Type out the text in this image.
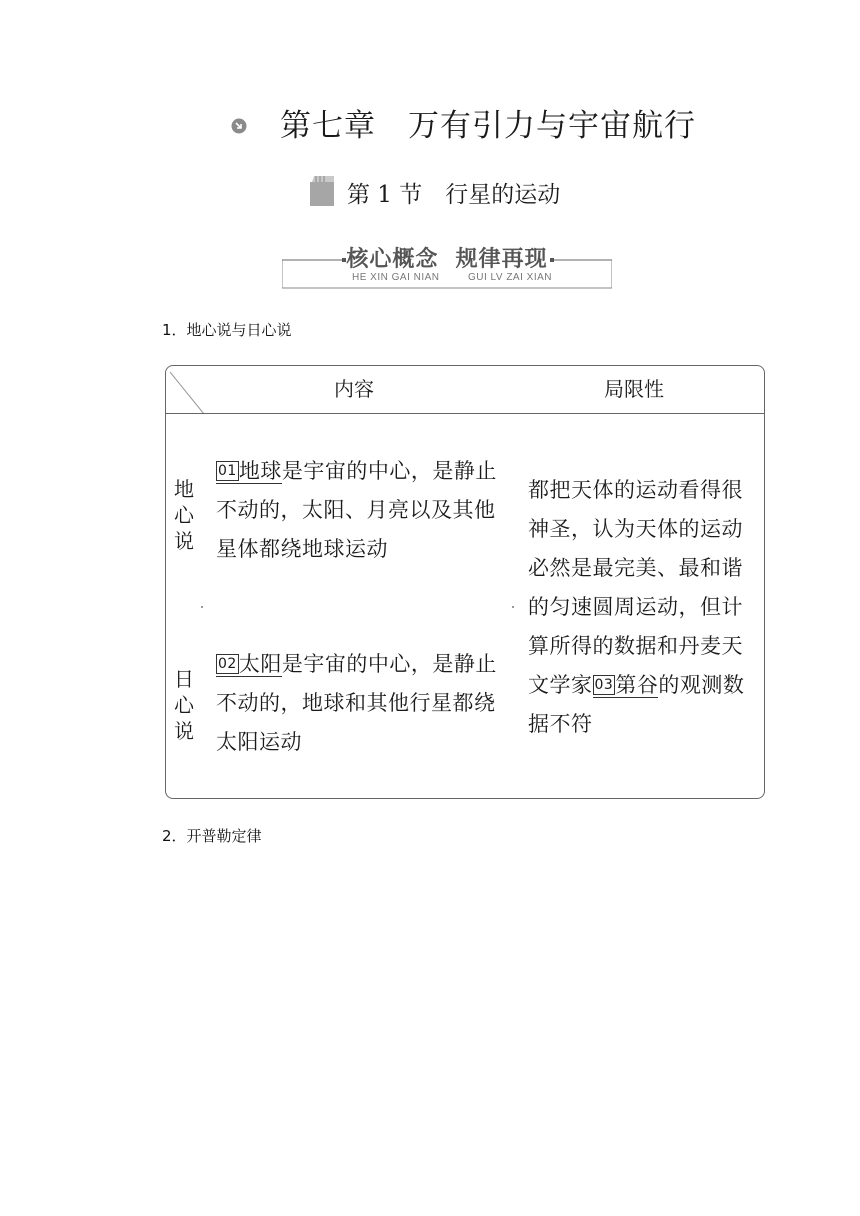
第七章　万有引力与宇宙航行
第 1 节　行星的运动
核心概念  规律再现
HE XIN GAI NIAN	GUI LV ZAI XIAN
1．地心说与日心说
内容	局限性
地
心
说
01地球是宇宙的中心，是静止不动的，太阳、月亮以及其他星体都绕地球运动
日
心
说
02太阳是宇宙的中心，是静止不动的，地球和其他行星都绕太阳运动
都把天体的运动看得很神圣，认为天体的运动必然是最完美、最和谐的匀速圆周运动，但计算所得的数据和丹麦天文学家 03第谷的观测数据不符
2．开普勒定律
